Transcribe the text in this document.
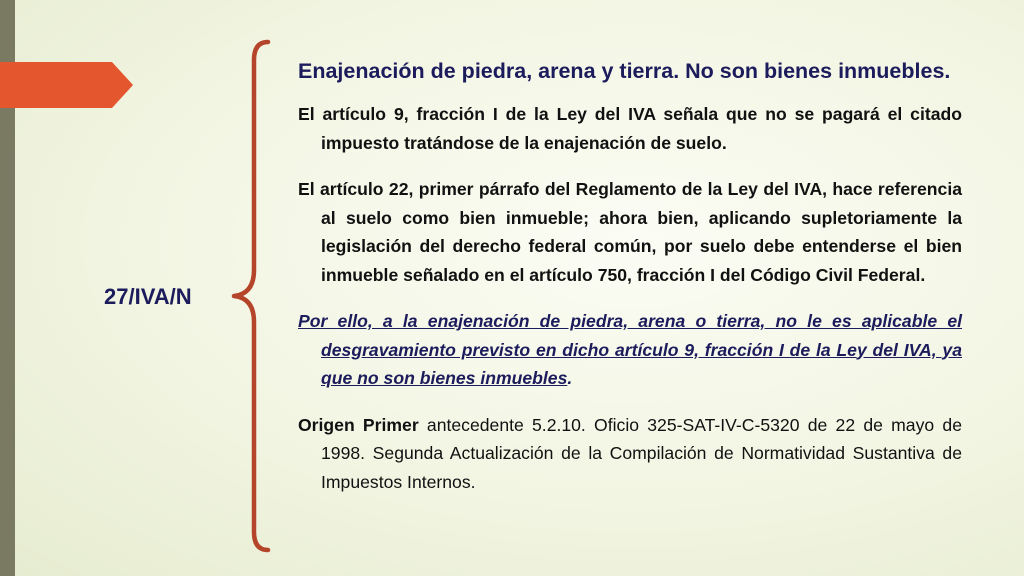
27/IVA/N

Enajenación de piedra, arena y tierra. No son bienes inmuebles.

El artículo 9, fracción I de la Ley del IVA señala que no se pagará el citado impuesto tratándose de la enajenación de suelo.

El artículo 22, primer párrafo del Reglamento de la Ley del IVA, hace referencia al suelo como bien inmueble; ahora bien, aplicando supletoriamente la legislación del derecho federal común, por suelo debe entenderse el bien inmueble señalado en el artículo 750, fracción I del Código Civil Federal.

Por ello, a la enajenación de piedra, arena o tierra, no le es aplicable el desgravamiento previsto en dicho artículo 9, fracción I de la Ley del IVA, ya que no son bienes inmuebles.

Origen Primer antecedente 5.2.10. Oficio 325-SAT-IV-C-5320 de 22 de mayo de 1998. Segunda Actualización de la Compilación de Normatividad Sustantiva de Impuestos Internos.
